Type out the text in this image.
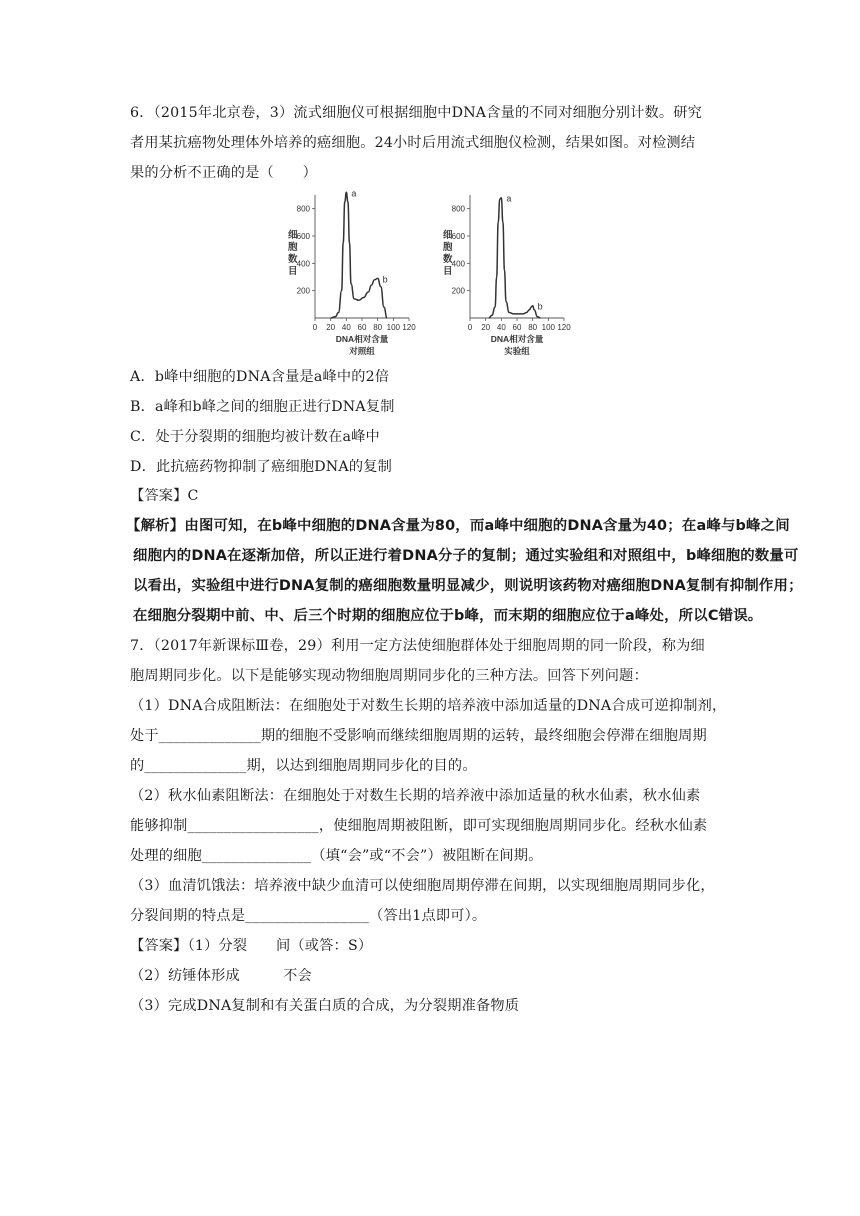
6．（2015年北京卷，3）流式细胞仪可根据细胞中DNA含量的不同对细胞分别计数。研究
者用某抗癌物处理体外培养的癌细胞。24小时后用流式细胞仪检测，结果如图。对检测结
果的分析不正确的是（　　）
200
400
600
800
0 20 40 60 80 100 120
细
胞
数
目
DNA相对含量
对照组
a
b
200
400
600
800
0 20 40 60 80 100 120
细
胞
数
目
DNA相对含量
实验组
a
b
A．b峰中细胞的DNA含量是a峰中的2倍
B．a峰和b峰之间的细胞正进行DNA复制
C．处于分裂期的细胞均被计数在a峰中
D．此抗癌药物抑制了癌细胞DNA的复制
【答案】C
【解析】由图可知，在b峰中细胞的DNA含量为80，而a峰中细胞的DNA含量为40；在a峰与b峰之间
细胞内的DNA在逐渐加倍，所以正进行着DNA分子的复制；通过实验组和对照组中，b峰细胞的数量可
以看出，实验组中进行DNA复制的癌细胞数量明显减少，则说明该药物对癌细胞DNA复制有抑制作用；
在细胞分裂期中前、中、后三个时期的细胞应位于b峰，而末期的细胞应位于a峰处，所以C错误。
7．（2017年新课标Ⅲ卷，29）利用一定方法使细胞群体处于细胞周期的同一阶段，称为细
胞周期同步化。以下是能够实现动物细胞周期同步化的三种方法。回答下列问题：
（1）DNA合成阻断法：在细胞处于对数生长期的培养液中添加适量的DNA合成可逆抑制剂，
处于______________期的细胞不受影响而继续细胞周期的运转，最终细胞会停滞在细胞周期
的______________期，以达到细胞周期同步化的目的。
（2）秋水仙素阻断法：在细胞处于对数生长期的培养液中添加适量的秋水仙素，秋水仙素
能够抑制__________________，使细胞周期被阻断，即可实现细胞周期同步化。经秋水仙素
处理的细胞_______________（填“会”或“不会”）被阻断在间期。
（3）血清饥饿法：培养液中缺少血清可以使细胞周期停滞在间期，以实现细胞周期同步化，
分裂间期的特点是_________________（答出1点即可）。
【答案】（1）分裂　　间（或答：S）
（2）纺锤体形成　　　不会
（3）完成DNA复制和有关蛋白质的合成，为分裂期准备物质
